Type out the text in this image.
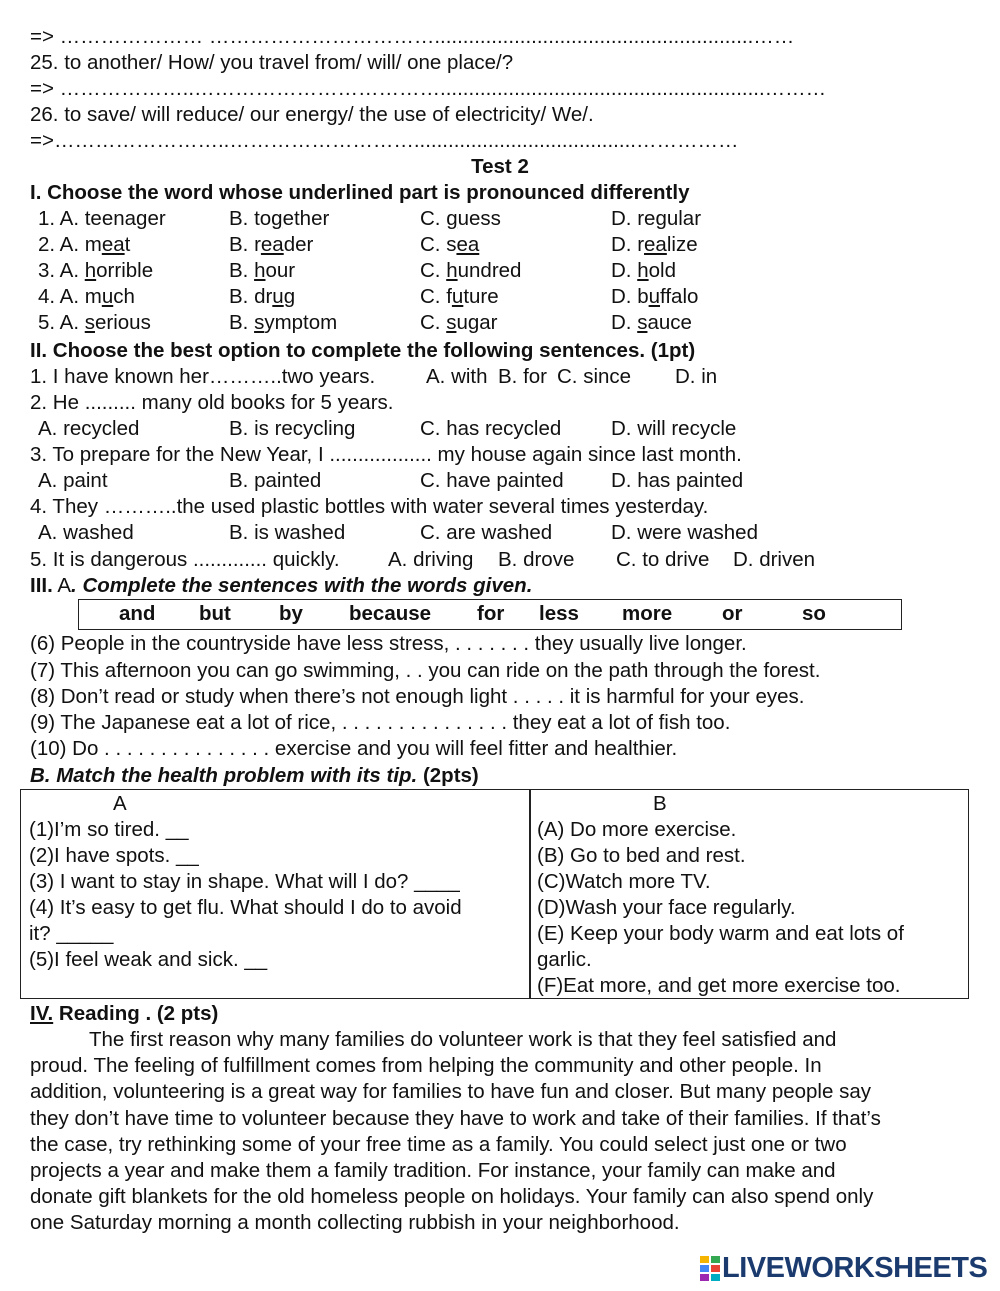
=> ………………… ……………………………........................................................……
25. to another/ How/ you travel from/ will/ one place/?
=> ………………..……………………………….........................................................………
26. to save/ will reduce/ our energy/ the use of electricity/ We/.
=>……………………..……………………….......................................……………
Test 2
I. Choose the word whose underlined part is pronounced differently
1. A. teenager	B. together	C. guess	D. regular
2. A. meat	B. reader	C. sea	D. realize
3. A. horrible	B. hour	C. hundred	D. hold
4. A. much	B. drug	C. future	D. buffalo
5. A. serious	B. symptom	C. sugar	D. sauce
II. Choose the best option to complete the following sentences. (1pt)
1. I have known her………..two years. A. with B. for C. since D. in
2. He ......... many old books for 5 years.
A. recycled	B. is recycling	C. has recycled D. will recycle
3. To prepare for the New Year, I .................. my house again since last month.
A. paint	B. painted	C. have painted D. has painted
4. They ………..the used plastic bottles with water several times yesterday.
A. washed	B. is washed	C. are washed	D. were washed
5. It is dangerous ............. quickly. A. driving B. drove C. to drive D. driven
III. A. Complete the sentences with the words given.
and but by because for less more or	so
(6) People in the countryside have less stress, . . . . . . . they usually live longer.
(7) This afternoon you can go swimming, . . you can ride on the path through the forest.
(8) Don’t read or study when there’s not enough light . . . . . it is harmful for your eyes.
(9) The Japanese eat a lot of rice, . . . . . . . . . . . . . . . they eat a lot of fish too.
(10) Do . . . . . . . . . . . . . . . exercise and you will feel fitter and healthier.
B. Match the health problem with its tip. (2pts)
A	B
(1)I’m so tired. __
(2)I have spots. __
(3) I want to stay in shape. What will I do? ____
(4) It’s easy to get flu. What should I do to avoid
it? _____
(5)I feel weak and sick. __
(A) Do more exercise.
(B) Go to bed and rest.
(C)Watch more TV.
(D)Wash your face regularly.
(E) Keep your body warm and eat lots of
garlic.
(F)Eat more, and get more exercise too.
IV. Reading . (2 pts)
The first reason why many families do volunteer work is that they feel satisfied and
proud. The feeling of fulfillment comes from helping the community and other people. In
addition, volunteering is a great way for families to have fun and closer. But many people say
they don’t have time to volunteer because they have to work and take of their families. If that’s
the case, try rethinking some of your free time as a family. You could select just one or two
projects a year and make them a family tradition. For instance, your family can make and
donate gift blankets for the old homeless people on holidays. Your family can also spend only
one Saturday morning a month collecting rubbish in your neighborhood.
LIVEWORKSHEETS
